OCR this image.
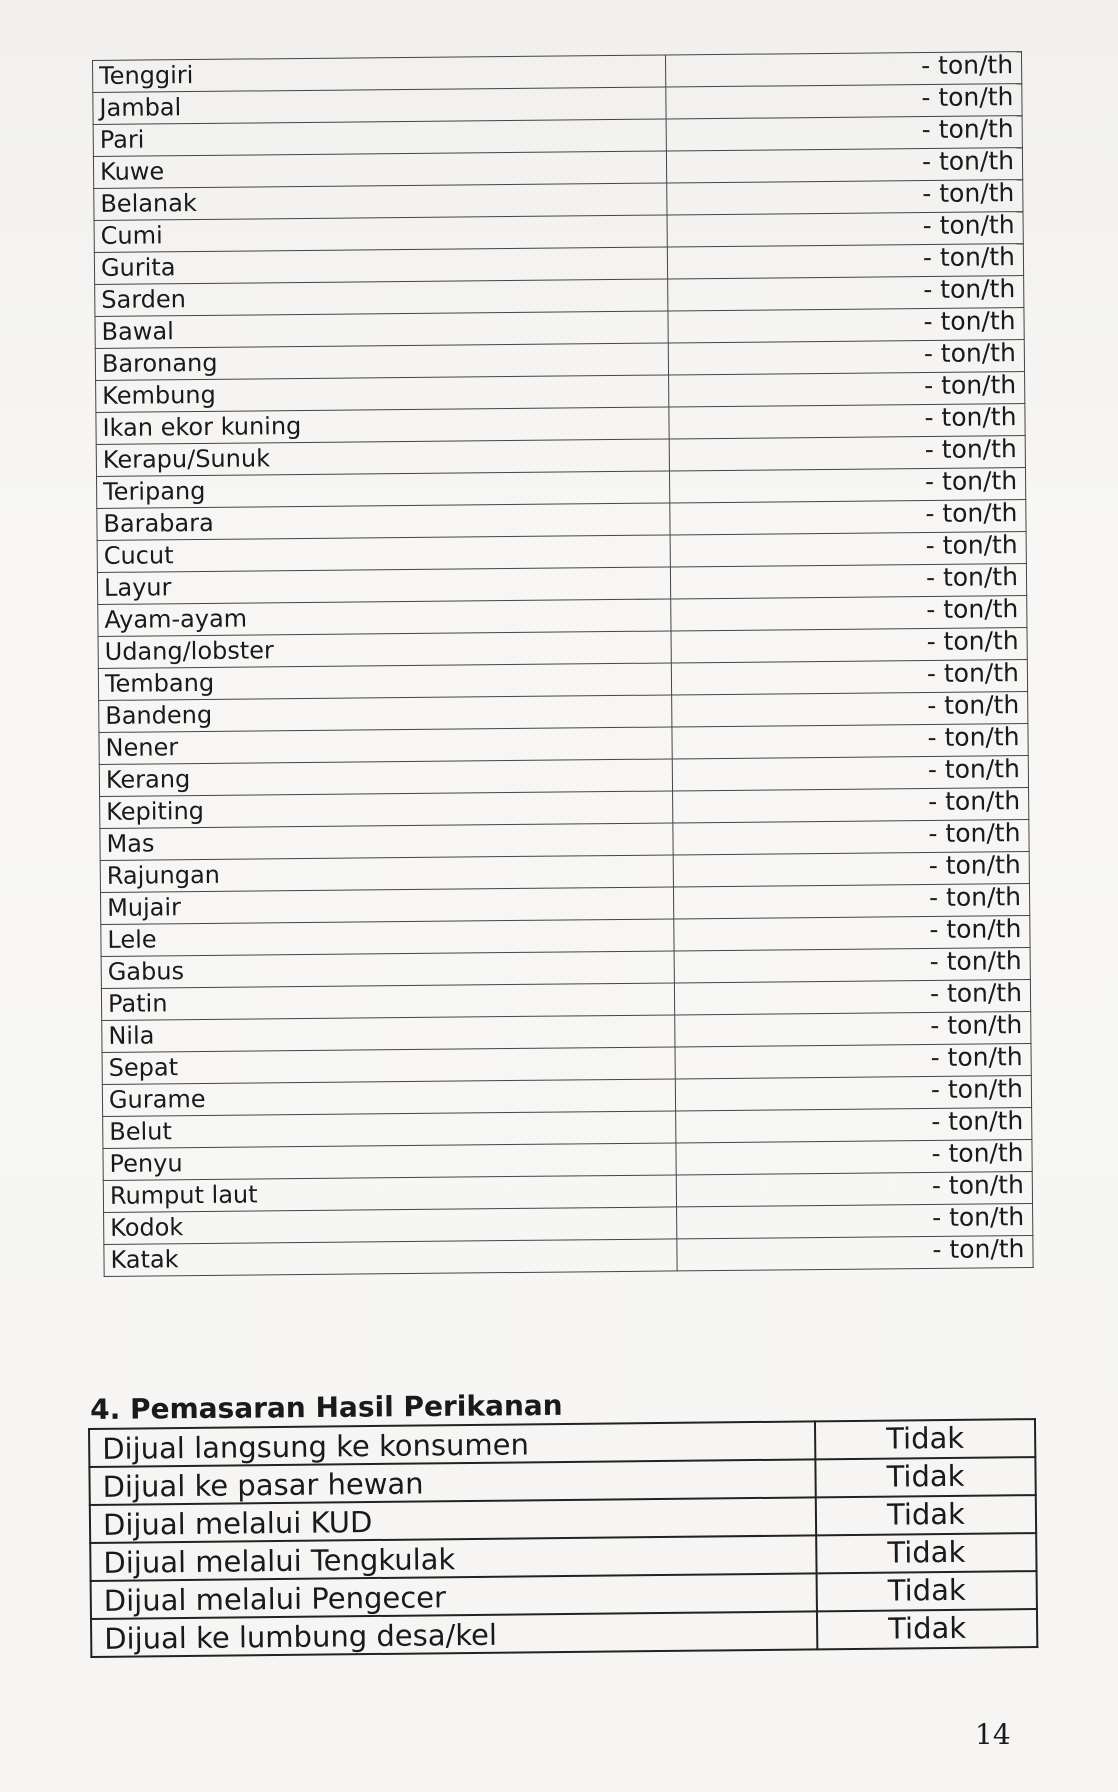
Tenggiri	- ton/th
Jambal	- ton/th
Pari	- ton/th
Kuwe	- ton/th
Belanak	- ton/th
Cumi	- ton/th
Gurita	- ton/th
Sarden	- ton/th
Bawal	- ton/th
Baronang	- ton/th
Kembung	- ton/th
Ikan ekor kuning	- ton/th
Kerapu/Sunuk	- ton/th
Teripang	- ton/th
Barabara	- ton/th
Cucut	- ton/th
Layur	- ton/th
Ayam-ayam	- ton/th
Udang/lobster	- ton/th
Tembang	- ton/th
Bandeng	- ton/th
Nener	- ton/th
Kerang	- ton/th
Kepiting	- ton/th
Mas	- ton/th
Rajungan	- ton/th
Mujair	- ton/th
Lele	- ton/th
Gabus	- ton/th
Patin	- ton/th
Nila	- ton/th
Sepat	- ton/th
Gurame	- ton/th
Belut	- ton/th
Penyu	- ton/th
Rumput laut	- ton/th
Kodok	- ton/th
Katak	- ton/th
4. Pemasaran Hasil Perikanan
Dijual langsung ke konsumen	Tidak
Dijual ke pasar hewan	Tidak
Dijual melalui KUD	Tidak
Dijual melalui Tengkulak	Tidak
Dijual melalui Pengecer	Tidak
Dijual ke lumbung desa/kel	Tidak
14
